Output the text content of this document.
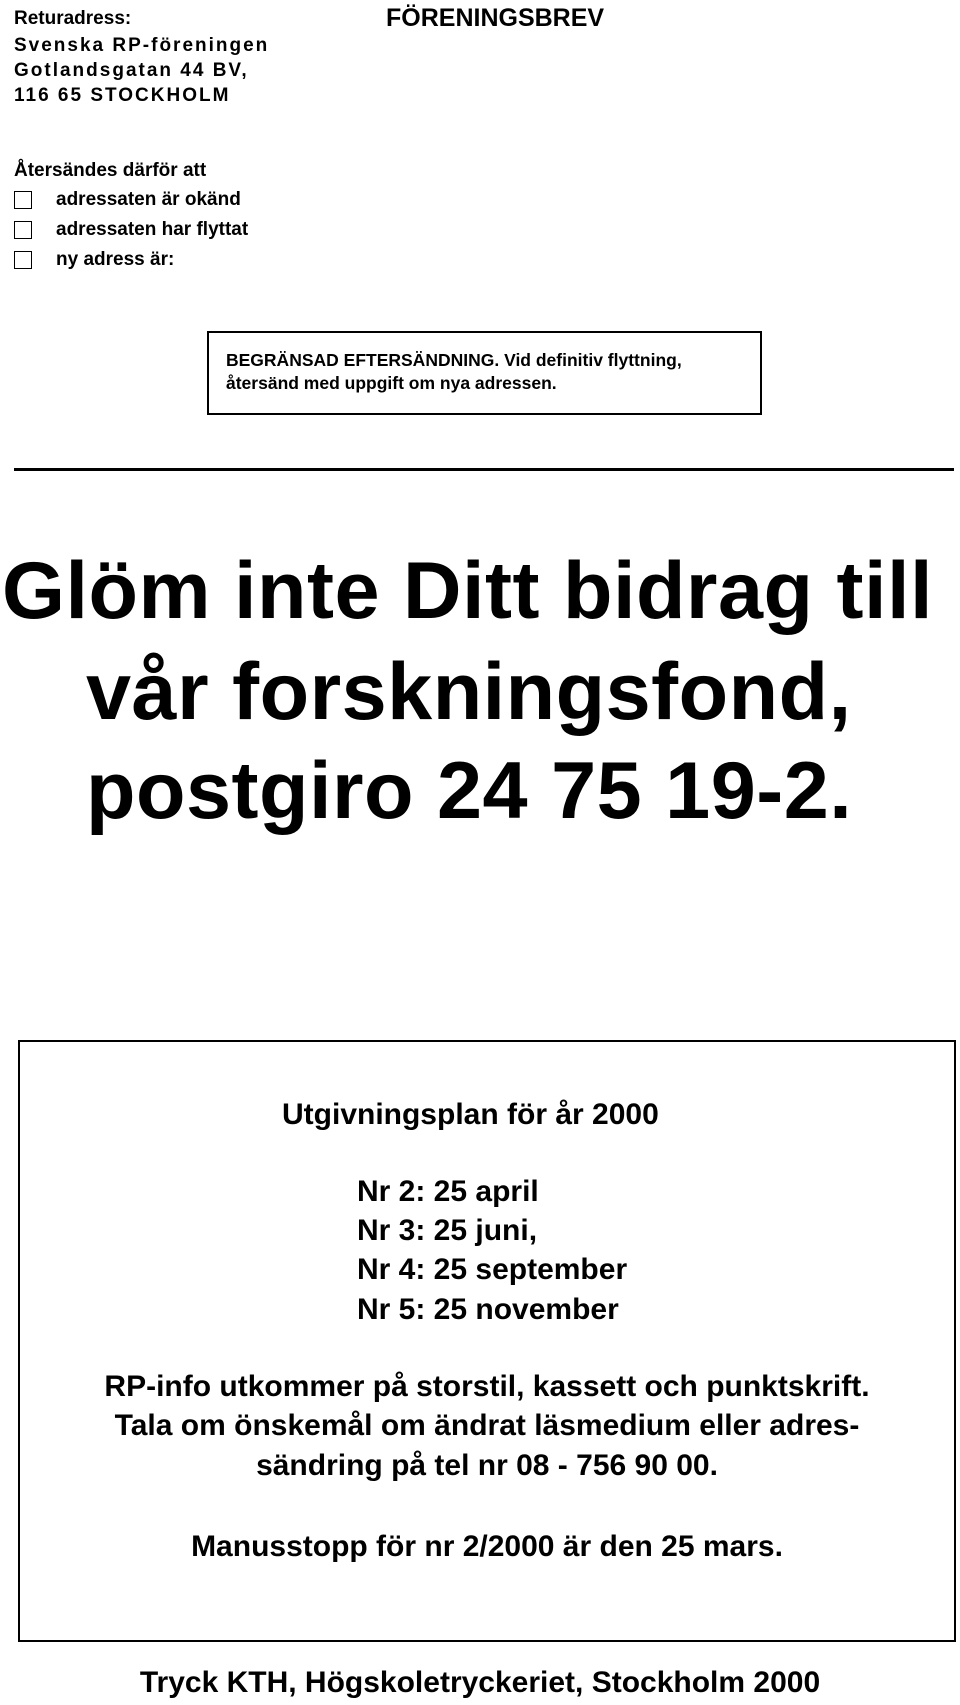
Returadress:
Svenska RP-föreningen
Gotlandsgatan 44 BV,
116 65 STOCKHOLM
FÖRENINGSBREV
Återsändes därför att
adressaten är okänd
adressaten har flyttat
ny adress är:
BEGRÄNSAD EFTERSÄNDNING. Vid definitiv flyttning,
återsänd med uppgift om nya adressen.
Glöm inte Ditt bidrag till
vår forskningsfond,
postgiro 24 75 19-2.
Utgivningsplan för år 2000
Nr 2: 25 april
Nr 3: 25 juni,
Nr 4: 25 september
Nr 5: 25 november
RP-info utkommer på storstil, kassett och punktskrift.
Tala om önskemål om ändrat läsmedium eller adres-
sändring på tel nr 08 - 756 90 00.
Manusstopp för nr 2/2000 är den 25 mars.
Tryck KTH, Högskoletryckeriet, Stockholm 2000
